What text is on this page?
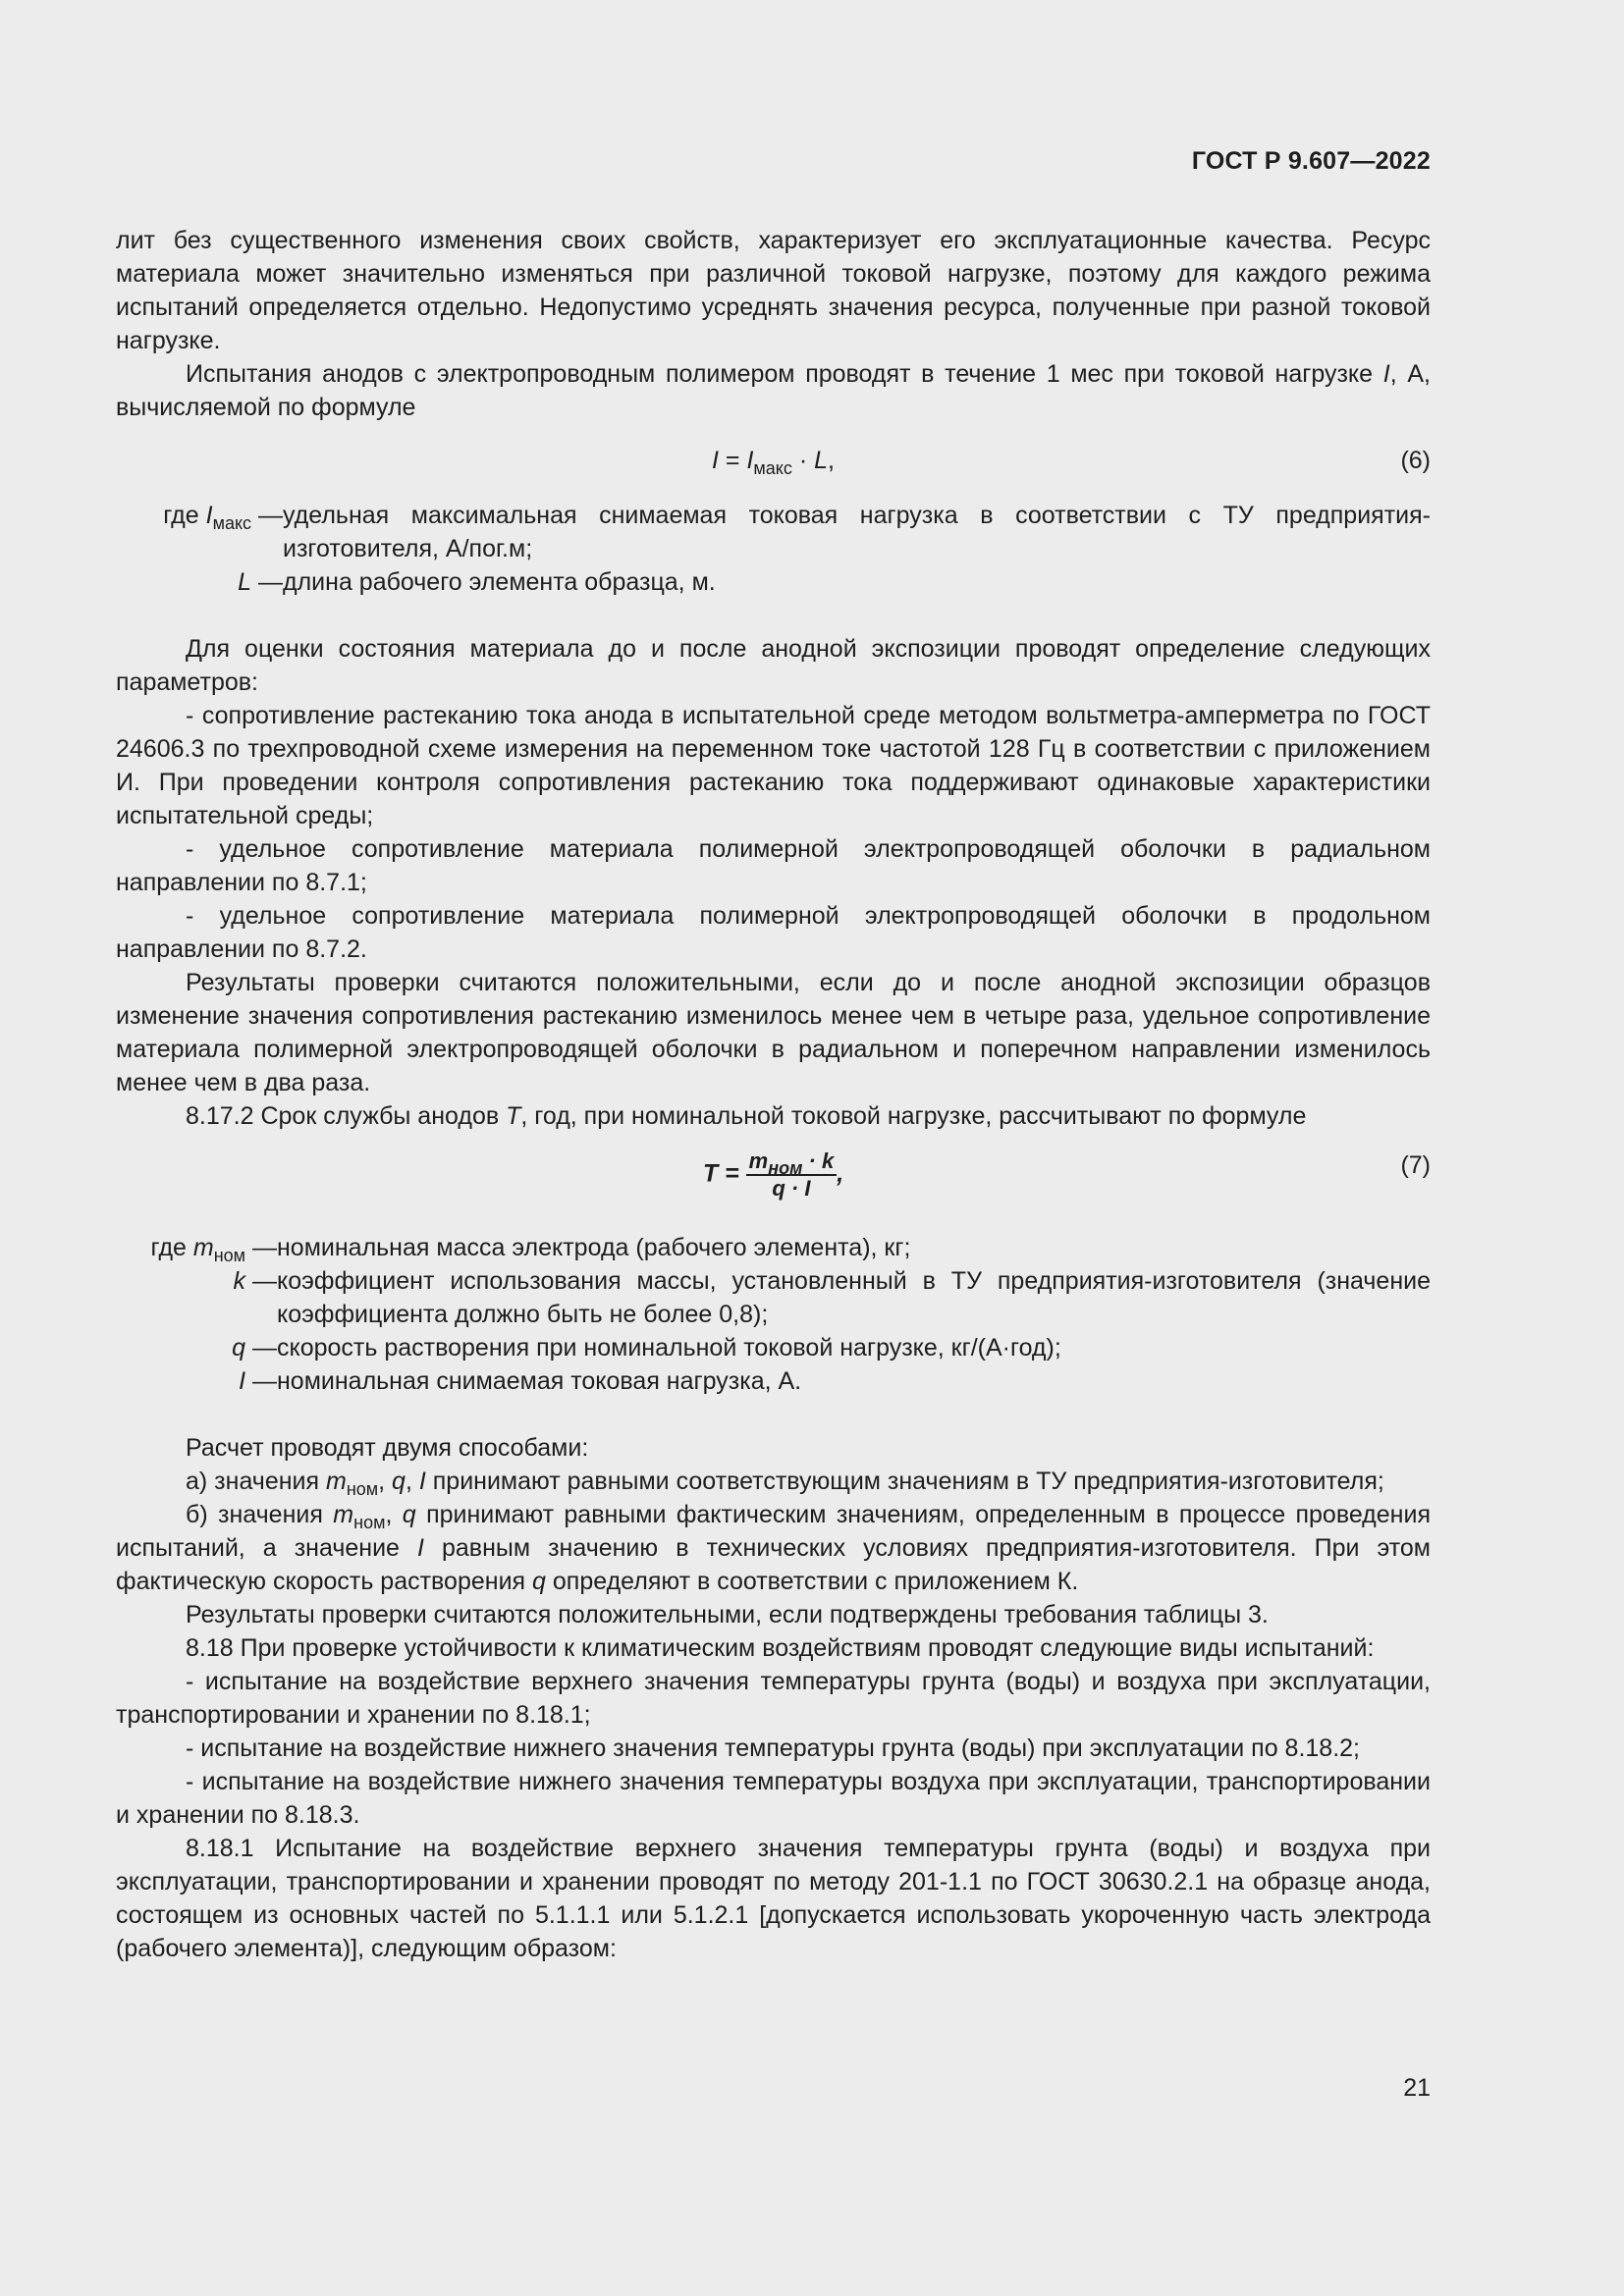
ГОСТ Р 9.607—2022

лит без существенного изменения своих свойств, характеризует его эксплуатационные качества. Ресурс материала может значительно изменяться при различной токовой нагрузке, поэтому для каждого режима испытаний определяется отдельно. Недопустимо усреднять значения ресурса, полученные при разной токовой нагрузке.

Испытания анодов с электропроводным полимером проводят в течение 1 мес при токовой нагрузке I, А, вычисляемой по формуле

$I = I_{макс} \cdot L$,	(6)
где $I_{макс}$ — удельная максимальная снимаемая токовая нагрузка в соответствии с ТУ предприятия-изготовителя, А/пог.м;
L — длина рабочего элемента образца, м.

Для оценки состояния материала до и после анодной экспозиции проводят определение следующих параметров:

- сопротивление растеканию тока анода в испытательной среде методом вольтметра-амперметра по ГОСТ 24606.3 по трехпроводной схеме измерения на переменном токе частотой 128 Гц в соответствии с приложением И. При проведении контроля сопротивления растеканию тока поддерживают одинаковые характеристики испытательной среды;

- удельное сопротивление материала полимерной электропроводящей оболочки в радиальном направлении по 8.7.1;

- удельное сопротивление материала полимерной электропроводящей оболочки в продольном направлении по 8.7.2.

Результаты проверки считаются положительными, если до и после анодной экспозиции образцов изменение значения сопротивления растеканию изменилось менее чем в четыре раза, удельное сопротивление материала полимерной электропроводящей оболочки в радиальном и поперечном направлении изменилось менее чем в два раза.

8.17.2 Срок службы анодов T, год, при номинальной токовой нагрузке, рассчитывают по формуле

$T = \frac{m_{ном} \cdot k}{q \cdot I}$ ,	(7)
где $m_{ном}$ — номинальная масса электрода (рабочего элемента), кг;
k — коэффициент использования массы, установленный в ТУ предприятия-изготовителя (значение коэффициента должно быть не более 0,8);
q — скорость растворения при номинальной токовой нагрузке, кг/(А·год);
I — номинальная снимаемая токовая нагрузка, А.

Расчет проводят двумя способами:

а) значения $m_{ном}$, q, I принимают равными соответствующим значениям в ТУ предприятия-изготовителя;

б) значения $m_{ном}$, q принимают равными фактическим значениям, определенным в процессе проведения испытаний, а значение I равным значению в технических условиях предприятия-изготовителя. При этом фактическую скорость растворения q определяют в соответствии с приложением К.

Результаты проверки считаются положительными, если подтверждены требования таблицы 3.

8.18 При проверке устойчивости к климатическим воздействиям проводят следующие виды испытаний:

- испытание на воздействие верхнего значения температуры грунта (воды) и воздуха при эксплуатации, транспортировании и хранении по 8.18.1;

- испытание на воздействие нижнего значения температуры грунта (воды) при эксплуатации по 8.18.2;

- испытание на воздействие нижнего значения температуры воздуха при эксплуатации, транспортировании и хранении по 8.18.3.

8.18.1 Испытание на воздействие верхнего значения температуры грунта (воды) и воздуха при эксплуатации, транспортировании и хранении проводят по методу 201-1.1 по ГОСТ 30630.2.1 на образце анода, состоящем из основных частей по 5.1.1.1 или 5.1.2.1 [допускается использовать укороченную часть электрода (рабочего элемента)], следующим образом:

21
